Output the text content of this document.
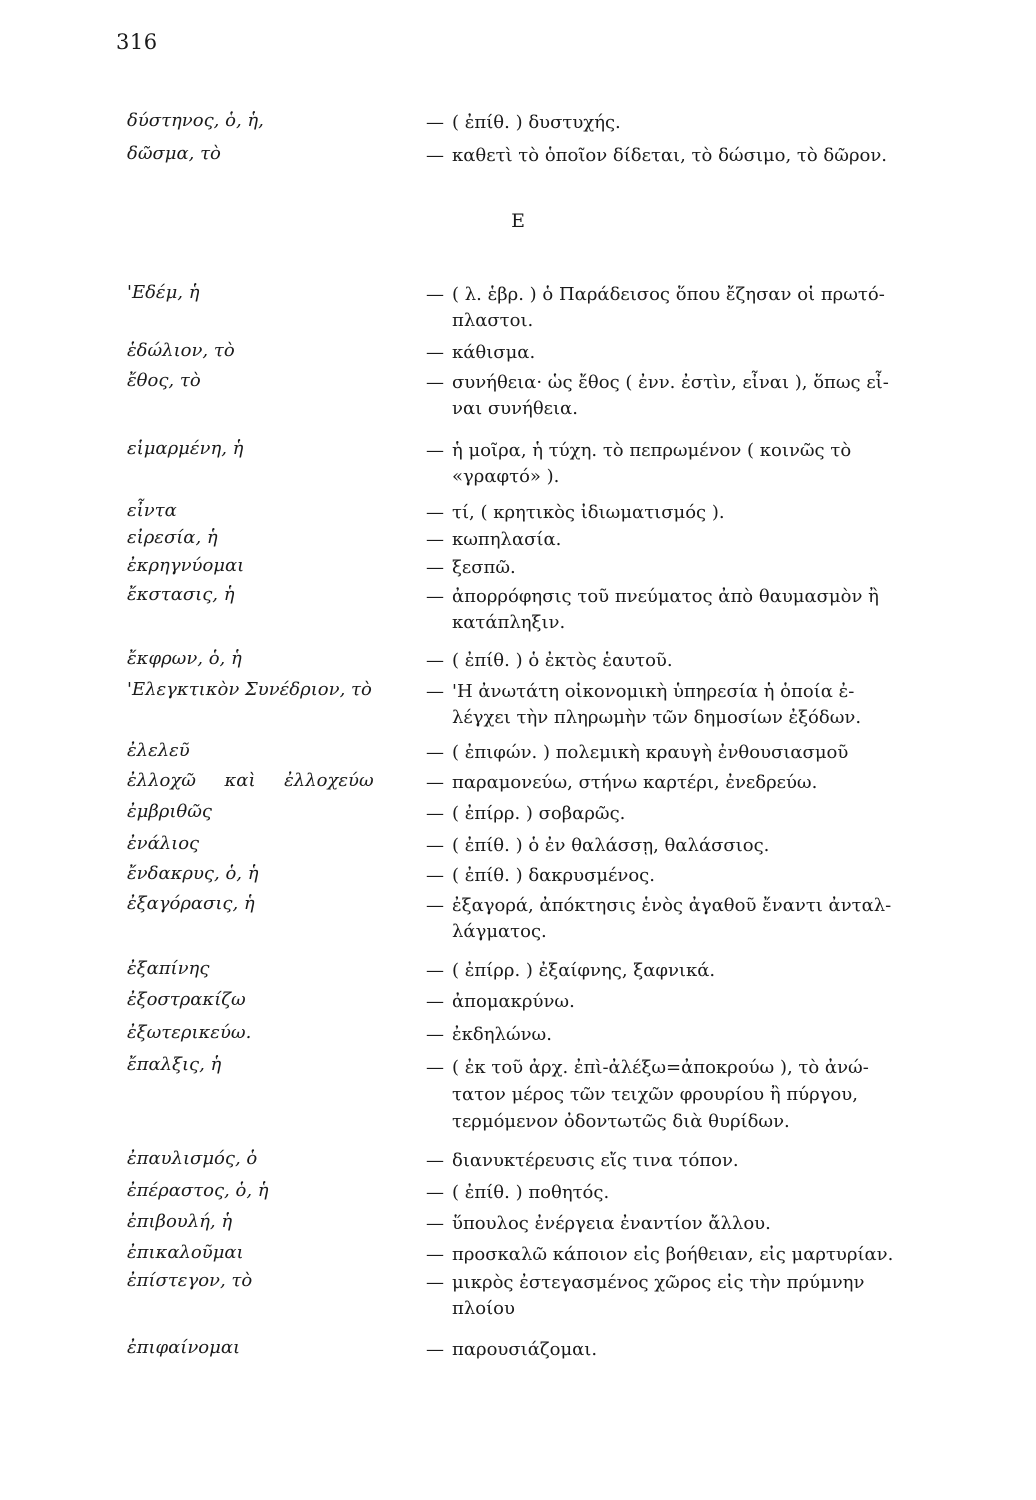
316
δύστηνος, ὁ, ἡ,	— ( ἐπίθ. ) δυστυχής.
δῶσμα, τὸ	— καθετὶ τὸ ὁποῖον δίδεται, τὸ δώσιμο, τὸ δῶρον.
Ε
'Εδέμ, ἡ	— ( λ. ἑβρ. ) ὁ Παράδεισος ὅπου ἔζησαν οἱ πρωτό-
πλαστοι.
ἑδώλιον, τὸ	— κάθισμα.
ἔθος, τὸ	— συνήθεια· ὡς ἔθος ( ἐνν. ἐστὶν, εἶναι ), ὅπως εἶ-
ναι συνήθεια.
εἱμαρμένη, ἡ	— ἡ μοῖρα, ἡ τύχη. τὸ πεπρωμένον ( κοινῶς τὸ
«γραφτό» ).
εἶντα	— τί, ( κρητικὸς ἰδιωματισμός ).
εἰρεσία, ἡ	— κωπηλασία.
ἐκρηγνύομαι	— ξεσπῶ.
ἔκστασις, ἡ	— ἀπορρόφησις τοῦ πνεύματος ἀπὸ θαυμασμὸν ἢ
κατάπληξιν.
ἔκφρων, ὁ, ἡ	— ( ἐπίθ. ) ὁ ἐκτὸς ἑαυτοῦ.
'Ελεγκτικὸν Συνέδριον, τὸ	— 'Η ἀνωτάτη οἰκονομικὴ ὑπηρεσία ἡ ὁποία ἐ-
λέγχει τὴν πληρωμὴν τῶν δημοσίων ἐξόδων.
ἐλελεῦ	— ( ἐπιφών. ) πολεμικὴ κραυγὴ ἐνθουσιασμοῦ
ἐλλοχῶ     καὶ     ἐλλοχεύω	— παραμονεύω, στήνω καρτέρι, ἐνεδρεύω.
ἐμβριθῶς	— ( ἐπίρρ. ) σοβαρῶς.
ἐνάλιος	— ( ἐπίθ. ) ὁ ἐν θαλάσσῃ, θαλάσσιος.
ἔνδακρυς, ὁ, ἡ	— ( ἐπίθ. ) δακρυσμένος.
ἐξαγόρασις, ἡ	— ἐξαγορά, ἀπόκτησις ἑνὸς ἀγαθοῦ ἔναντι ἀνταλ-
λάγματος.
ἐξαπίνης	— ( ἐπίρρ. ) ἐξαίφνης, ξαφνικά.
ἐξοστρακίζω	— ἀπομακρύνω.
ἐξωτερικεύω.	— ἐκδηλώνω.
ἔπαλξις, ἡ	— ( ἐκ τοῦ ἀρχ. ἐπὶ-ἀλέξω=ἀποκρούω ), τὸ ἀνώ-
τατον μέρος τῶν τειχῶν φρουρίου ἢ πύργου,
τερμόμενον ὀδοντωτῶς διὰ θυρίδων.
ἐπαυλισμός, ὁ	— διανυκτέρευσις εἴς τινα τόπον.
ἐπέραστος, ὁ, ἡ	— ( ἐπίθ. ) ποθητός.
ἐπιβουλή, ἡ	— ὕπουλος ἐνέργεια ἐναντίον ἄλλου.
ἐπικαλοῦμαι	— προσκαλῶ κάποιον εἰς βοήθειαν, εἰς μαρτυρίαν.
ἐπίστεγον, τὸ	— μικρὸς ἐστεγασμένος χῶρος εἰς τὴν πρύμνην
πλοίου
ἐπιφαίνομαι	— παρουσιάζομαι.
